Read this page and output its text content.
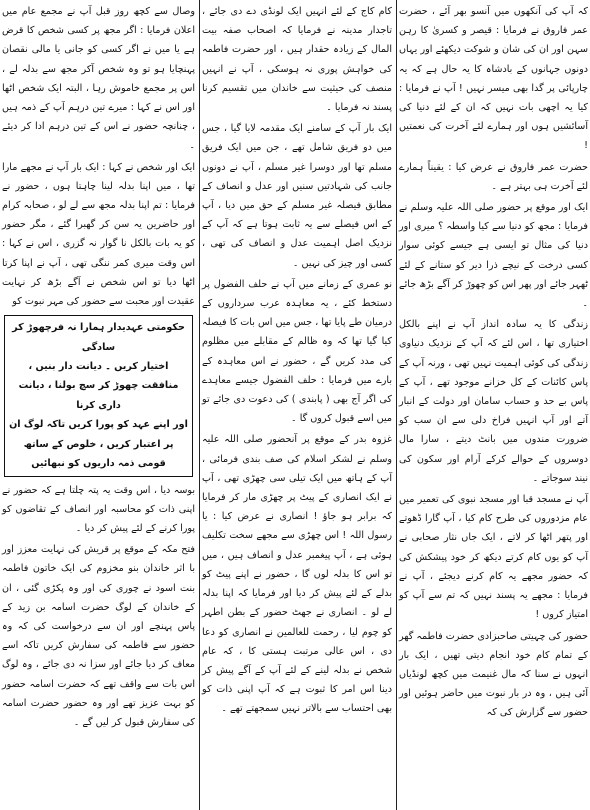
کہ آپ کی آنکھوں میں آنسو بھر آئے ، حضرت عمر فاروق نے فرمایا : قیصر و کسریٰ کا رہن سہن اور ان کی شان و شوکت دیکھئے اور یہاں دونوں جہانوں کے بادشاہ کا یہ حال ہے کہ یہ چارپائی پر گدا بھی میسر نہیں ! آپ نے فرمایا : کیا یہ اچھی بات نہیں کہ ان کے لئے دنیا کی آسائشیں ہوں اور ہمارے لئے آخرت کی نعمتیں !

حضرت عمر فاروق نے عرض کیا : یقیناً ہمارے لئے آخرت ہی بہتر ہے ۔

ایک اور موقع پر حضور صلی اللہ علیہ وسلم نے فرمایا : مجھ کو دنیا سے کیا واسطہ ؟ میری اور دنیا کی مثال تو ایسی ہے جیسے کوئی سوار کسی درخت کے نیچے ذرا دیر کو ستانے کے لئے ٹھہر جائے اور پھر اس کو چھوڑ کر آگے بڑھ جائے ۔

زندگی کا یہ سادہ انداز آپ نے اپنے بالکل اختیاری تھا ، اس لئے کہ آپ کے نزدیک دنیاوی زندگی کی کوئی اہمیت نہیں تھی ، ورنہ آپ کے پاس کائنات کے کل خزانے موجود تھے ، آپ کے پاس بے حد و حساب سامان اور دولت کے انبار آتے اور آپ انہیں فراخ دلی سے ان سب کو ضرورت مندوں میں بانٹ دیتے ، سارا مال دوسروں کے حوالے کرکے آرام اور سکون کی نیند سوجاتے ۔

آپ نے مسجد قبا اور مسجد نبوی کی تعمیر میں عام مزدوروں کی طرح کام کیا ، آپ گارا ڈھوتے اور پتھر اٹھا کر لاتے ، ایک جاں نثار صحابی نے آپ کو یوں کام کرتے دیکھ کر خود پیشکش کی کہ حضور مجھے یہ کام کرنے دیجئے ، آپ نے فرمایا : مجھے یہ پسند نہیں کہ تم سے آپ کو امتیاز کروں !

حضور کی چہیتی صاحبزادی حضرت فاطمہ گھر کے تمام کام خود انجام دیتی تھیں ، ایک بار انہوں نے سنا کہ مال غنیمت میں کچھ لونڈیاں آئی ہیں ، وہ در بار نبوت میں حاضر ہوئیں اور حضور سے گزارش کی کہ

کام کاج کے لئے انہیں ایک لونڈی دے دی جائے ، تاجدار مدینہ نے فرمایا کہ اصحاب صفہ بیت المال کے زیادہ حقدار ہیں ، اور حضرت فاطمہ کی خواہش پوری نہ ہوسکی ، آپ نے انہیں منصف کی حیثیت سے خاندان میں تقسیم کرنا پسند نہ فرمایا ۔

ایک بار آپ کے سامنے ایک مقدمہ لایا گیا ، جس میں دو فریق شامل تھے ، جن میں ایک فریق مسلم تھا اور دوسرا غیر مسلم ، آپ نے دونوں جانب کی شہادتیں سنیں اور عدل و انصاف کے مطابق فیصلہ غیر مسلم کے حق میں دیا ، آپ کے اس فیصلے سے یہ ثابت ہوتا ہے کہ آپ کے نزدیک اصل اہمیت عدل و انصاف کی تھی ، کسی اور چیز کی نہیں ۔

نو عمری کے زمانے میں آپ نے حلف الفضول پر دستخط کئے ، یہ معاہدہ عرب سرداروں کے درمیان طے پایا تھا ، جس میں اس بات کا فیصلہ کیا گیا تھا کہ وہ ظالم کے مقابلے میں مظلوم کی مدد کریں گے ، حضور نے اس معاہدہ کے بارے میں فرمایا : حلف الفضول جیسے معاہدے کی اگر آج بھی ( پابندی ) کی دعوت دی جائے تو میں اسے قبول کروں گا ۔

غزوہ بدر کے موقع پر آنحضور صلی اللہ علیہ وسلم نے لشکر اسلام کی صف بندی فرمائی ، آپ کے ہاتھ میں ایک تیلی سی چھڑی تھی ، آپ نے ایک انصاری کے پیٹ پر چھڑی مار کر فرمایا کہ برابر ہو جاؤ ! انصاری نے عرض کیا : یا رسول اللہ ! اس چھڑی سے مجھے سخت تکلیف ہوئی ہے ، آپ پیغمبر عدل و انصاف ہیں ، میں تو اس کا بدلہ لوں گا ، حضور نے اپنے پیٹ کو بدلے کے لئے پیش کر دیا اور فرمایا کہ اپنا بدلہ لے لو ۔ انصاری نے جھٹ حضور کے بطن اطہر کو چوم لیا ، رحمت للعالمین نے انصاری کو دعا دی ، اس عالی مرتبت ہستی کا ، کہ عام شخص نے بدلہ لینے کے لئے آپ کے آگے پیش کر دینا اس امر کا ثبوت ہے کہ آپ اپنی ذات کو بھی احتساب سے بالاتر نہیں سمجھتے تھے ۔

وصال سے کچھ روز قبل آپ نے مجمع عام میں اعلان فرمایا : اگر مجھ پر کسی شخص کا قرض ہے یا میں نے اگر کسی کو جانی یا مالی نقصان پہنچایا ہو تو وہ شخص آکر مجھ سے بدلہ لے ، اس پر مجمع خاموش رہا ، البتہ ایک شخص اٹھا اور اس نے کہا : میرے تین درہم آپ کے ذمہ ہیں ، چنانچہ حضور نے اس کے تین درہم ادا کر دیئے ۔

ایک اور شخص نے کہا : ایک بار آپ نے مجھے مارا تھا ، میں اپنا بدلہ لینا چاہتا ہوں ، حضور نے فرمایا : تم اپنا بدلہ مجھ سے لے لو ، صحابہ کرام اور حاضرین یہ سن کر گھبرا گئے ، مگر حضور کو یہ بات بالکل نا گوار نہ گزری ، اس نے کہا : اس وقت میری کمر ننگی تھی ، آپ نے اپنا کرتا اٹھا دیا تو اس شخص نے آگے بڑھ کر نہایت عقیدت اور محبت سے حضور کی مہر نبوت کو

حکومتی عہدیدار ہمارا نہ فرچھوڑ کر سادگی

اختیار کریں ۔ دیانت دار بنیں ،

منافقت چھوڑ کر سچ بولنا ، دیانت داری کرنا

اور اپنے عہد کو پورا کریں تاکہ لوگ ان

پر اعتبار کریں ، خلوص کے ساتھ

قومی ذمہ داریوں کو نبھائیں

بوسہ دیا ، اس وقت یہ پتہ چلتا ہے کہ حضور نے اپنی ذات کو محاسبہ اور انصاف کے تقاضوں کو پورا کرنے کے لئے پیش کر دیا ۔

فتح مکہ کے موقع پر قریش کی نہایت معزز اور با اثر خاندان بنو مخزوم کی ایک خاتون فاطمہ بنت اسود نے چوری کی اور وہ پکڑی گئی ، ان کے خاندان کے لوگ حضرت اسامہ بن زید کے پاس پہنچے اور ان سے درخواست کی کہ وہ حضور سے فاطمہ کی سفارش کریں تاکہ اسے معاف کر دیا جائے اور سزا نہ دی جائے ، وہ لوگ اس بات سے واقف تھے کہ حضرت اسامہ حضور کو بہت عزیز تھے اور وہ حضور حضرت اسامہ کی سفارش قبول کر لیں گے ۔
